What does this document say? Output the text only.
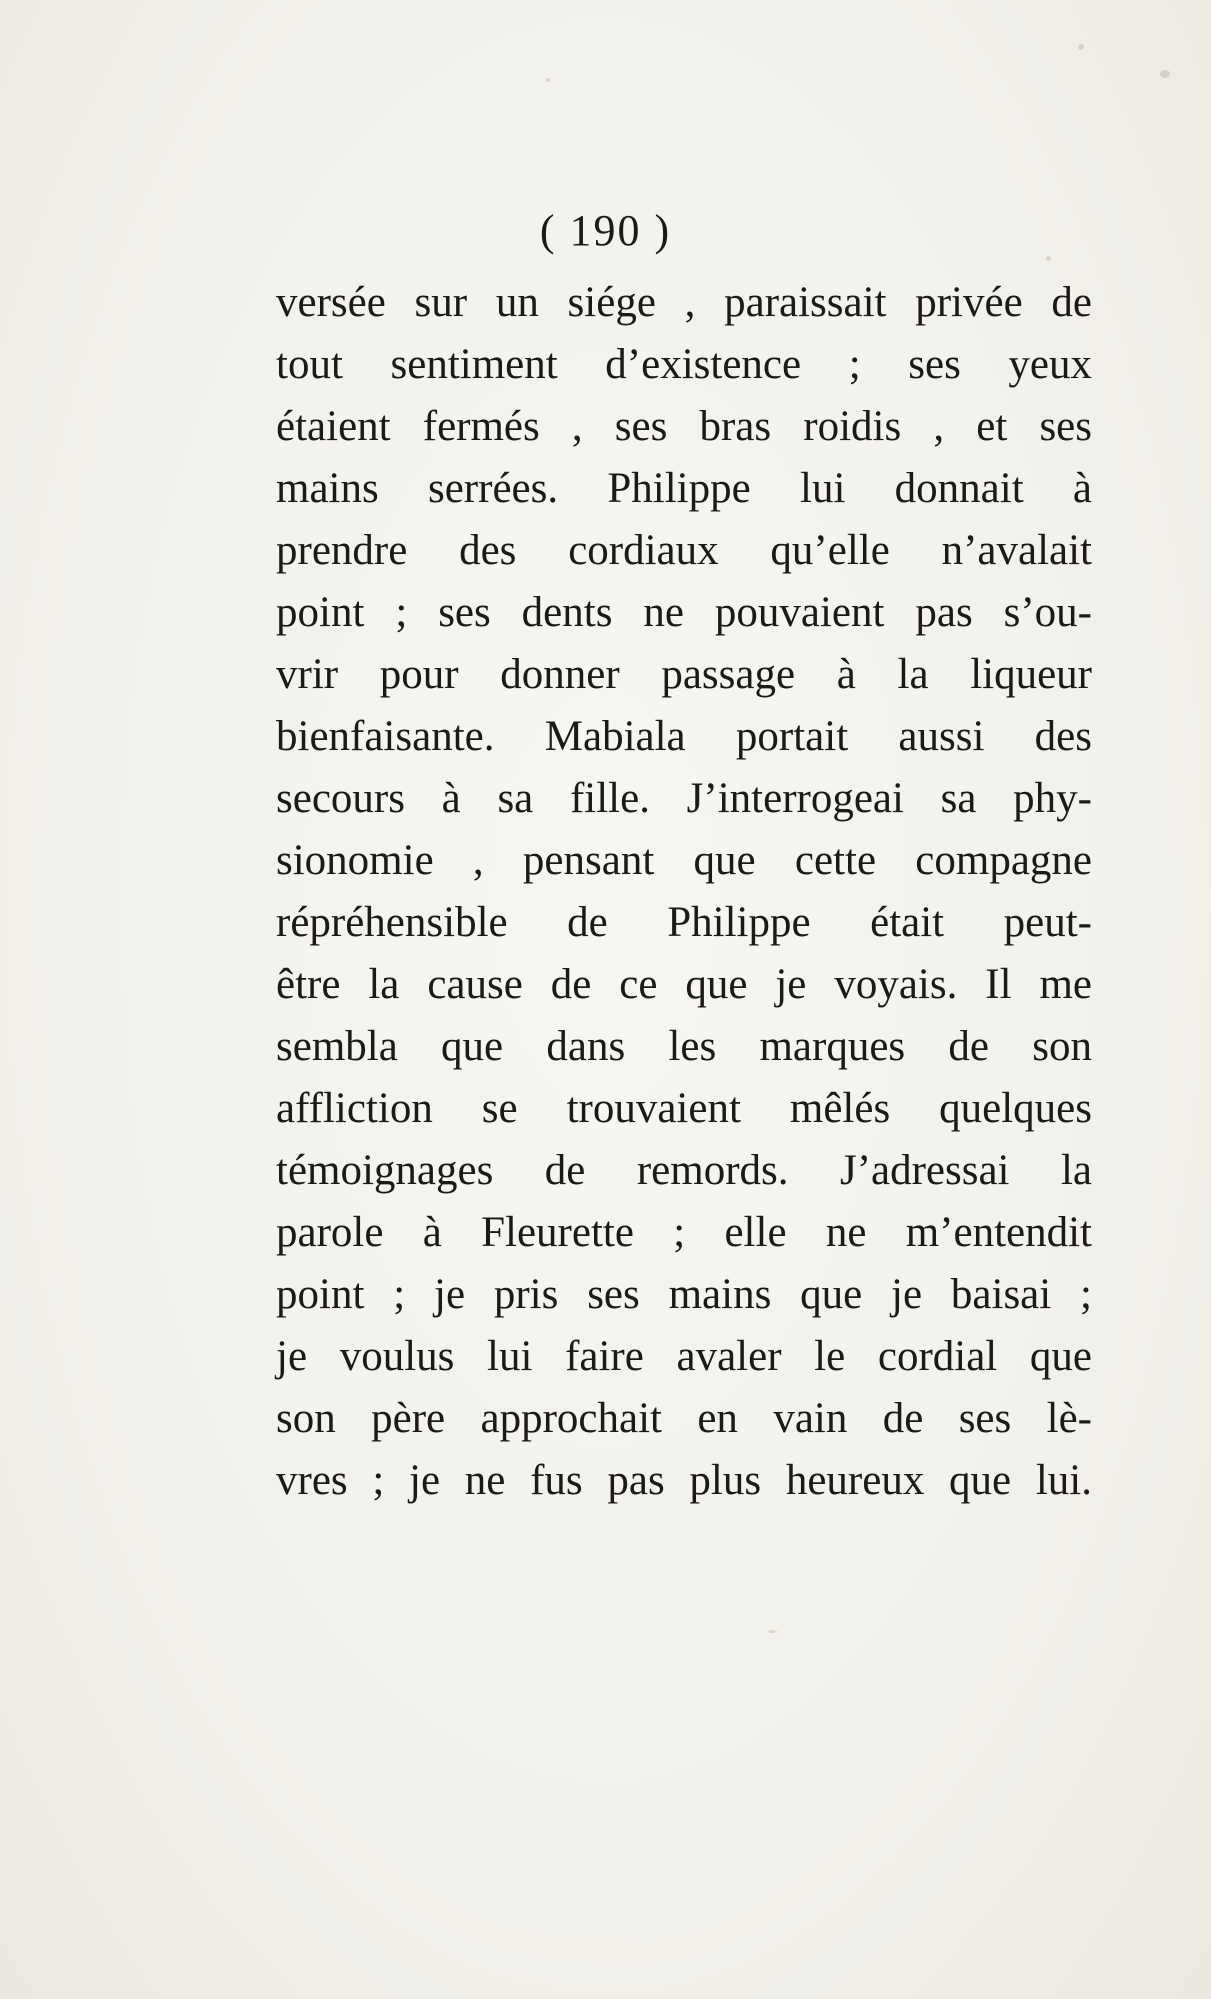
( 190 )
versée sur un siége , paraissait privée de
tout sentiment d’existence ; ses yeux
étaient fermés , ses bras roidis , et ses
mains serrées. Philippe lui donnait à
prendre des cordiaux qu’elle n’avalait
point ; ses dents ne pouvaient pas s’ou-
vrir pour donner passage à la liqueur
bienfaisante. Mabiala portait aussi des
secours à sa fille. J’interrogeai sa phy-
sionomie , pensant que cette compagne
répréhensible de Philippe était peut-
être la cause de ce que je voyais. Il me
sembla que dans les marques de son
affliction se trouvaient mêlés quelques
témoignages de remords. J’adressai la
parole à Fleurette ; elle ne m’entendit
point ; je pris ses mains que je baisai ;
je voulus lui faire avaler le cordial que
son père approchait en vain de ses lè-
vres ; je ne fus pas plus heureux que lui.
